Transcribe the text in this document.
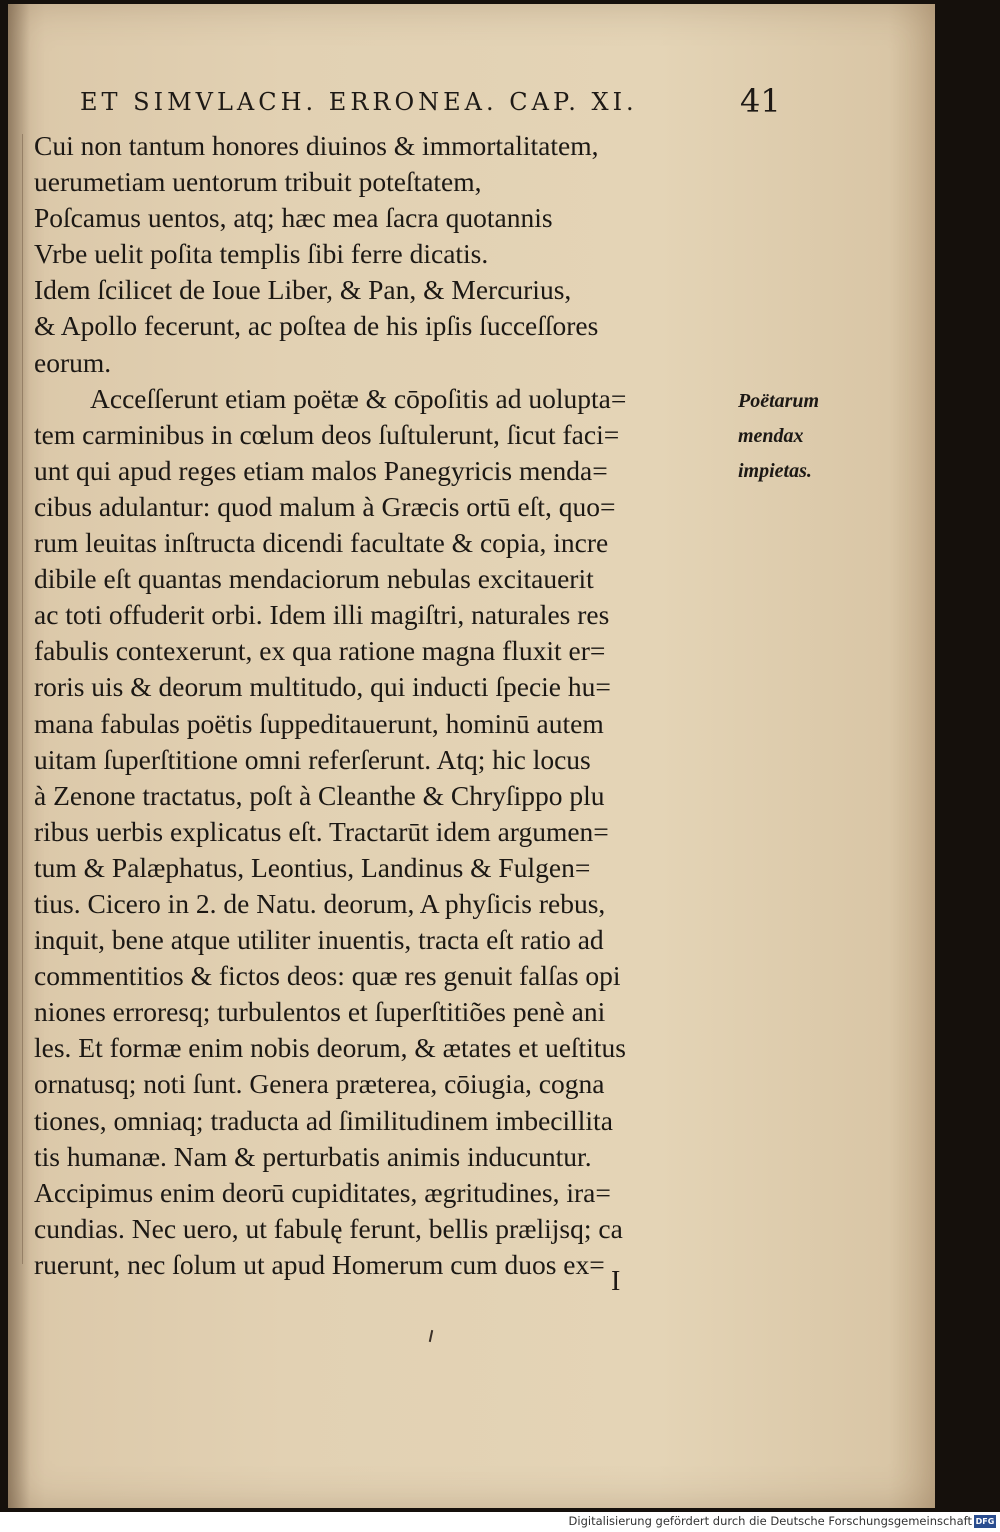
ET SIMVLACH. ERRONEA. CAP. XI.	41
Cui non tantum honores diuinos & immortalitatem,
uerumetiam uentorum tribuit poteſtatem,
Poſcamus uentos, atq; hæc mea ſacra quotannis
Vrbe uelit poſita templis ſibi ferre dicatis.
Idem ſcilicet de Ioue Liber, & Pan, & Mercurius,
& Apollo fecerunt, ac poſtea de his ipſis ſucceſſores
eorum.
Acceſſerunt etiam poëtæ & cōpoſitis ad uolupta=
tem carminibus in cœlum deos ſuſtulerunt, ſicut faci=
unt qui apud reges etiam malos Panegyricis menda=
cibus adulantur: quod malum à Græcis ortū eſt, quo=
rum leuitas inſtructa dicendi facultate & copia, incre
dibile eſt quantas mendaciorum nebulas excitauerit
ac toti offuderit orbi. Idem illi magiſtri, naturales res
fabulis contexerunt, ex qua ratione magna fluxit er=
roris uis & deorum multitudo, qui inducti ſpecie hu=
mana fabulas poëtis ſuppeditauerunt, hominū autem
uitam ſuperſtitione omni referſerunt. Atq; hic locus
à Zenone tractatus, poſt à Cleanthe & Chryſippo plu
ribus uerbis explicatus eſt. Tractarūt idem argumen=
tum & Palæphatus, Leontius, Landinus & Fulgen=
tius. Cicero in 2. de Natu. deorum, A phyſicis rebus,
inquit, bene atque utiliter inuentis, tracta eſt ratio ad
commentitios & fictos deos: quæ res genuit falſas opi
niones erroresq; turbulentos et ſuperſtitiões penè ani
les. Et formæ enim nobis deorum, & ætates et ueſtitus
ornatusq; noti ſunt. Genera præterea, cōiugia, cogna
tiones, omniaq; traducta ad ſimilitudinem imbecillita
tis humanæ. Nam & perturbatis animis inducuntur.
Accipimus enim deorū cupiditates, ægritudines, ira=
cundias. Nec uero, ut fabulę ferunt, bellis prælijsq; ca
ruerunt, nec ſolum ut apud Homerum cum duos ex=
Poëtarum
mendax
impietas.
I
Digitalisierung gefördert durch die Deutsche Forschungsgemeinschaft DFG
